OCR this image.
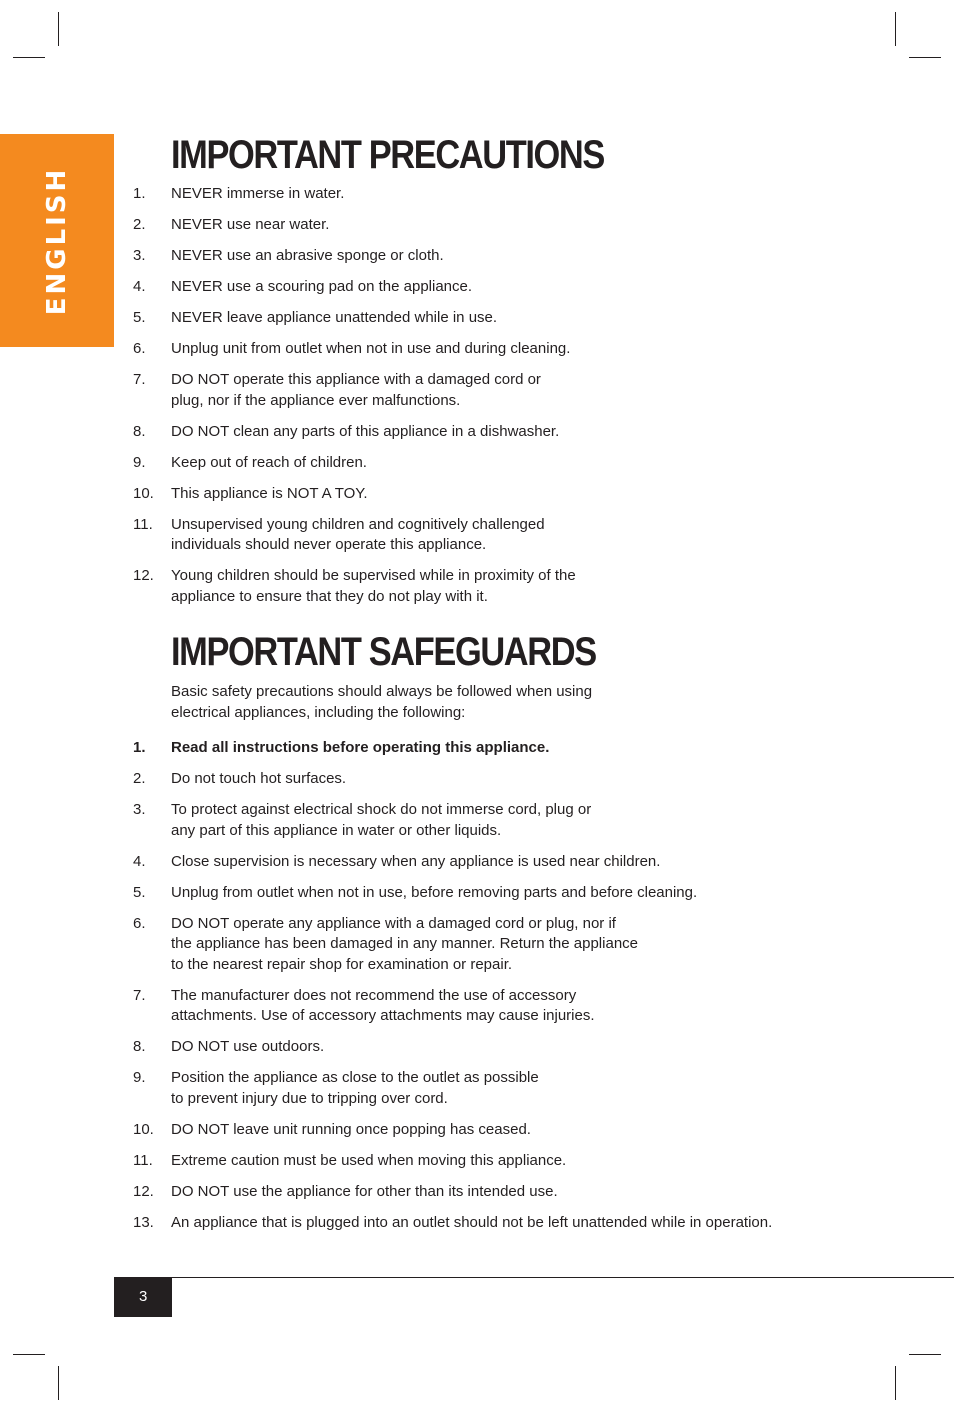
ENGLISH
IMPORTANT PRECAUTIONS
1. NEVER immerse in water.
2. NEVER use near water.
3. NEVER use an abrasive sponge or cloth.
4. NEVER use a scouring pad on the appliance.
5. NEVER leave appliance unattended while in use.
6. Unplug unit from outlet when not in use and during cleaning.
7. DO NOT operate this appliance with a damaged cord or
plug, nor if the appliance ever malfunctions.
8. DO NOT clean any parts of this appliance in a dishwasher.
9. Keep out of reach of children.
10. This appliance is NOT A TOY.
11. Unsupervised young children and cognitively challenged
individuals should never operate this appliance.
12. Young children should be supervised while in proximity of the
appliance to ensure that they do not play with it.
IMPORTANT SAFEGUARDS

Basic safety precautions should always be followed when using
electrical appliances, including the following:

1. Read all instructions before operating this appliance.
2. Do not touch hot surfaces.
3. To protect against electrical shock do not immerse cord, plug or
any part of this appliance in water or other liquids.
4. Close supervision is necessary when any appliance is used near children.
5. Unplug from outlet when not in use, before removing parts and before cleaning.
6. DO NOT operate any appliance with a damaged cord or plug, nor if
the appliance has been damaged in any manner. Return the appliance
to the nearest repair shop for examination or repair.
7. The manufacturer does not recommend the use of accessory
attachments. Use of accessory attachments may cause injuries.
8. DO NOT use outdoors.
9. Position the appliance as close to the outlet as possible
to prevent injury due to tripping over cord.
10. DO NOT leave unit running once popping has ceased.
11. Extreme caution must be used when moving this appliance.
12. DO NOT use the appliance for other than its intended use.
13. An appliance that is plugged into an outlet should not be left unattended while in operation.
3
